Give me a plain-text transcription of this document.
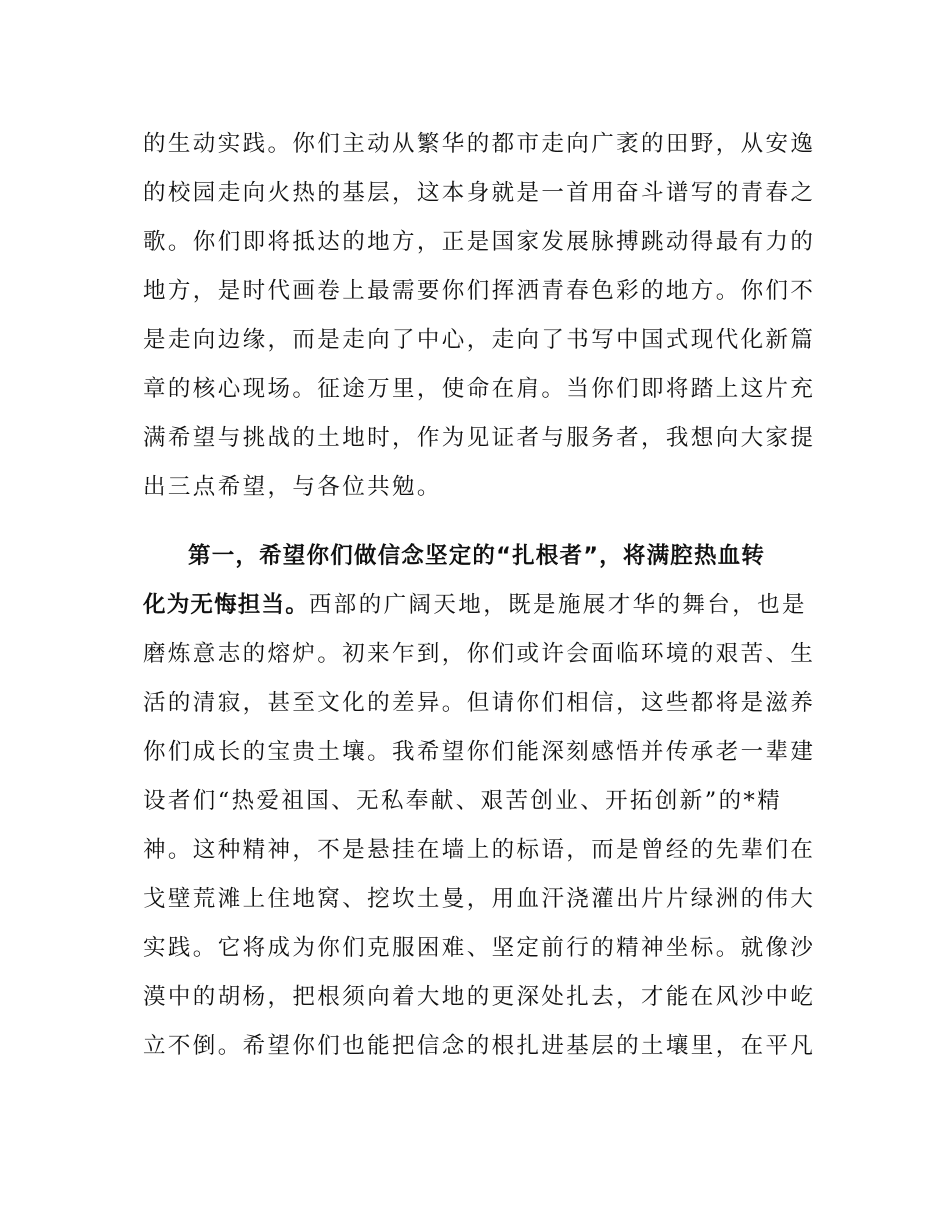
的生动实践。你们主动从繁华的都市走向广袤的田野，从安逸
的校园走向火热的基层，这本身就是一首用奋斗谱写的青春之
歌。你们即将抵达的地方，正是国家发展脉搏跳动得最有力的
地方，是时代画卷上最需要你们挥洒青春色彩的地方。你们不
是走向边缘，而是走向了中心，走向了书写中国式现代化新篇
章的核心现场。征途万里，使命在肩。当你们即将踏上这片充
满希望与挑战的土地时，作为见证者与服务者，我想向大家提
出三点希望，与各位共勉。
第一，希望你们做信念坚定的“扎根者”，将满腔热血转
化为无悔担当。西部的广阔天地，既是施展才华的舞台，也是
磨炼意志的熔炉。初来乍到，你们或许会面临环境的艰苦、生
活的清寂，甚至文化的差异。但请你们相信，这些都将是滋养
你们成长的宝贵土壤。我希望你们能深刻感悟并传承老一辈建
设者们“热爱祖国、无私奉献、艰苦创业、开拓创新”的*精
神。这种精神，不是悬挂在墙上的标语，而是曾经的先辈们在
戈壁荒滩上住地窝、挖坎土曼，用血汗浇灌出片片绿洲的伟大
实践。它将成为你们克服困难、坚定前行的精神坐标。就像沙
漠中的胡杨，把根须向着大地的更深处扎去，才能在风沙中屹
立不倒。希望你们也能把信念的根扎进基层的土壤里，在平凡
